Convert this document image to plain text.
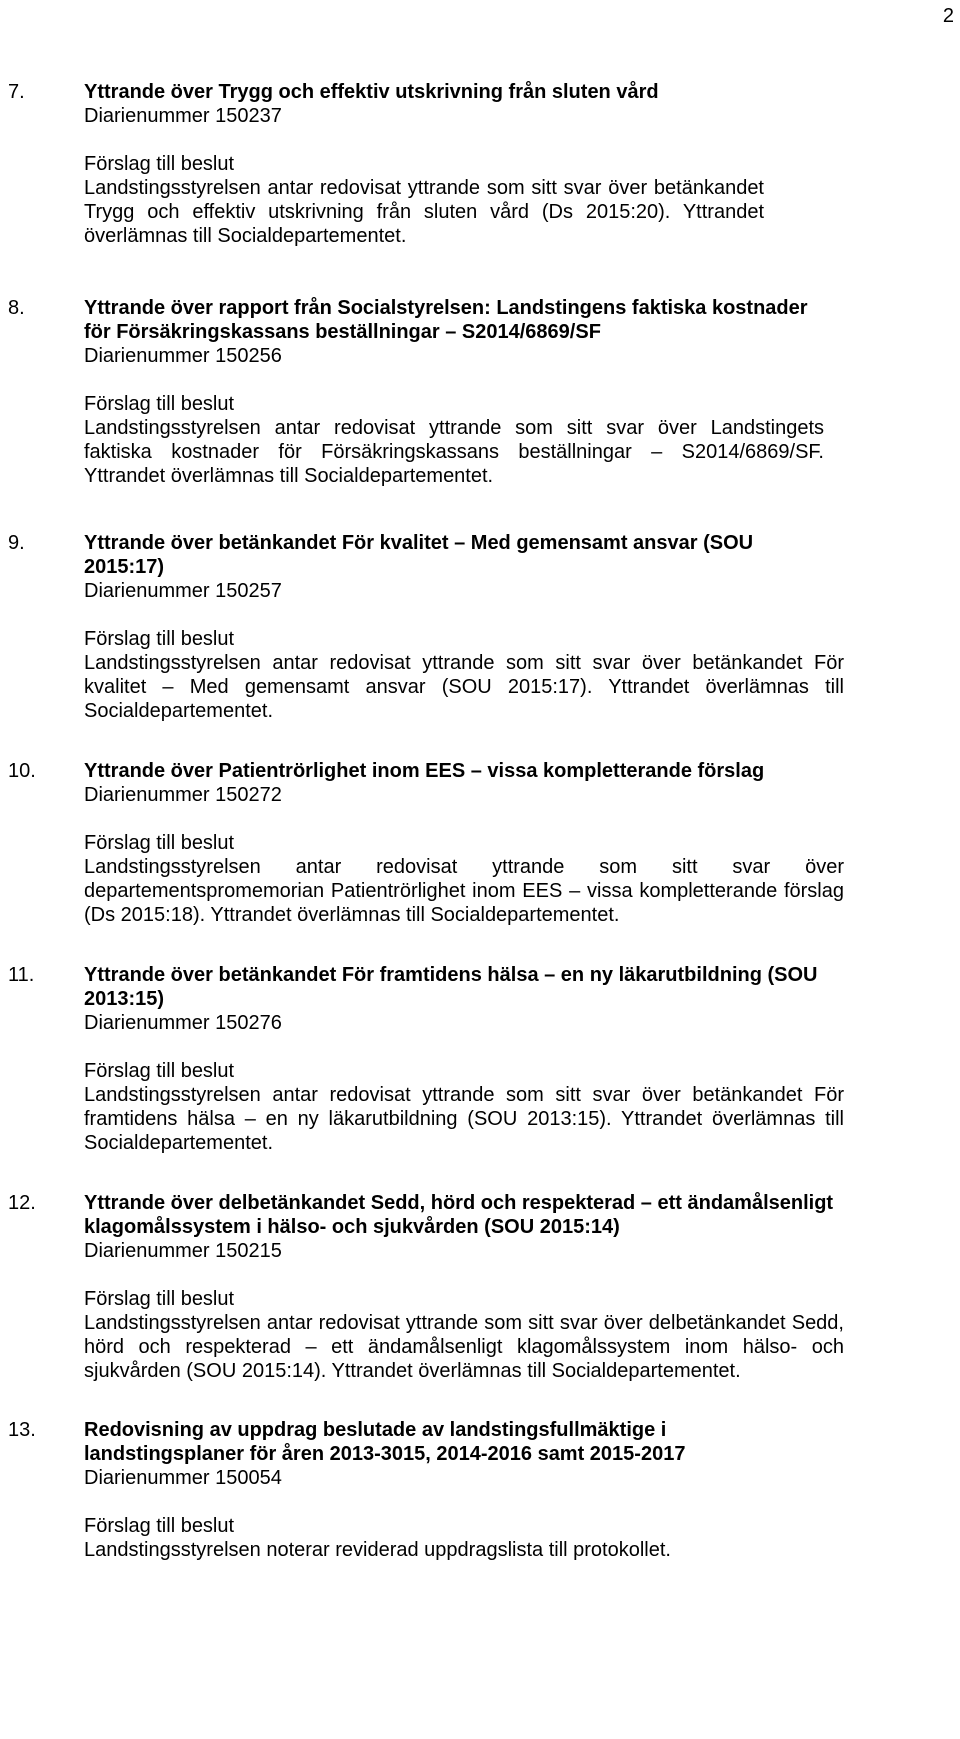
2
7.	Yttrande över Trygg och effektiv utskrivning från sluten vård
Diarienummer 150237
Förslag till beslut
Landstingsstyrelsen antar redovisat yttrande som sitt svar över betänkandet Trygg och effektiv utskrivning från sluten vård (Ds 2015:20). Yttrandet överlämnas till Socialdepartementet.
8.	Yttrande över rapport från Socialstyrelsen: Landstingens faktiska kostnader för Försäkringskassans beställningar – S2014/6869/SF
Diarienummer 150256
Förslag till beslut
Landstingsstyrelsen antar redovisat yttrande som sitt svar över Landstingets faktiska kostnader för Försäkringskassans beställningar – S2014/6869/SF. Yttrandet överlämnas till Socialdepartementet.
9.	Yttrande över betänkandet För kvalitet – Med gemensamt ansvar (SOU 2015:17)
Diarienummer 150257
Förslag till beslut
Landstingsstyrelsen antar redovisat yttrande som sitt svar över betänkandet För kvalitet – Med gemensamt ansvar (SOU 2015:17). Yttrandet överlämnas till Socialdepartementet.
10. Yttrande över Patientrörlighet inom EES – vissa kompletterande förslag
Diarienummer 150272
Förslag till beslut
Landstingsstyrelsen antar redovisat yttrande som sitt svar över departementspromemorian Patientrörlighet inom EES – vissa kompletterande förslag (Ds 2015:18). Yttrandet överlämnas till Socialdepartementet.
11. Yttrande över betänkandet För framtidens hälsa – en ny läkarutbildning (SOU 2013:15)
Diarienummer 150276
Förslag till beslut
Landstingsstyrelsen antar redovisat yttrande som sitt svar över betänkandet För framtidens hälsa – en ny läkarutbildning (SOU 2013:15). Yttrandet överlämnas till Socialdepartementet.
12. Yttrande över delbetänkandet Sedd, hörd och respekterad – ett ändamålsenligt klagomålssystem i hälso- och sjukvården (SOU 2015:14)
Diarienummer 150215
Förslag till beslut
Landstingsstyrelsen antar redovisat yttrande som sitt svar över delbetänkandet Sedd, hörd och respekterad – ett ändamålsenligt klagomålssystem inom hälso- och sjukvården (SOU 2015:14). Yttrandet överlämnas till Socialdepartementet.
13. Redovisning av uppdrag beslutade av landstingsfullmäktige i landstingsplaner för åren 2013-3015, 2014-2016 samt 2015-2017
Diarienummer 150054
Förslag till beslut
Landstingsstyrelsen noterar reviderad uppdragslista till protokollet.
